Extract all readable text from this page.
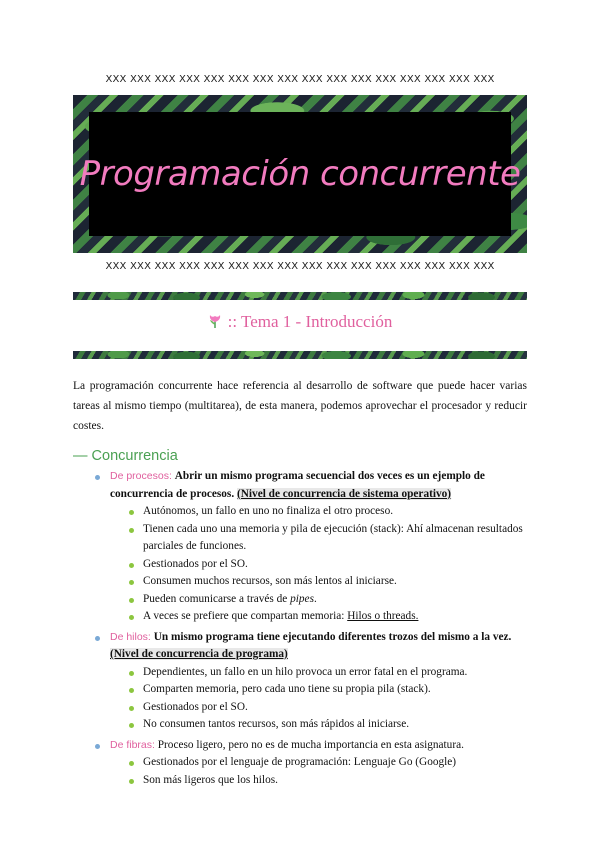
XXX XXX XXX XXX XXX XXX XXX XXX XXX XXX XXX XXX XXX XXX XXX XXX
Programación concurrente
XXX XXX XXX XXX XXX XXX XXX XXX XXX XXX XXX XXX XXX XXX XXX XXX
:: Tema 1 - Introducción
La programación concurrente hace referencia al desarrollo de software que puede hacer varias tareas al mismo tiempo (multitarea), de esta manera, podemos aprovechar el procesador y reducir costes.
— Concurrencia
De procesos: Abrir un mismo programa secuencial dos veces es un ejemplo de concurrencia de procesos. (Nivel de concurrencia de sistema operativo)
Autónomos, un fallo en uno no finaliza el otro proceso.
Tienen cada uno una memoria y pila de ejecución (stack): Ahí almacenan resultados parciales de funciones.
Gestionados por el SO.
Consumen muchos recursos, son más lentos al iniciarse.
Pueden comunicarse a través de pipes.
A veces se prefiere que compartan memoria: Hilos o threads.
De hilos: Un mismo programa tiene ejecutando diferentes trozos del mismo a la vez. (Nivel de concurrencia de programa)
Dependientes, un fallo en un hilo provoca un error fatal en el programa.
Comparten memoria, pero cada uno tiene su propia pila (stack).
Gestionados por el SO.
No consumen tantos recursos, son más rápidos al iniciarse.
De fibras: Proceso ligero, pero no es de mucha importancia en esta asignatura.
Gestionados por el lenguaje de programación: Lenguaje Go (Google)
Son más ligeros que los hilos.
